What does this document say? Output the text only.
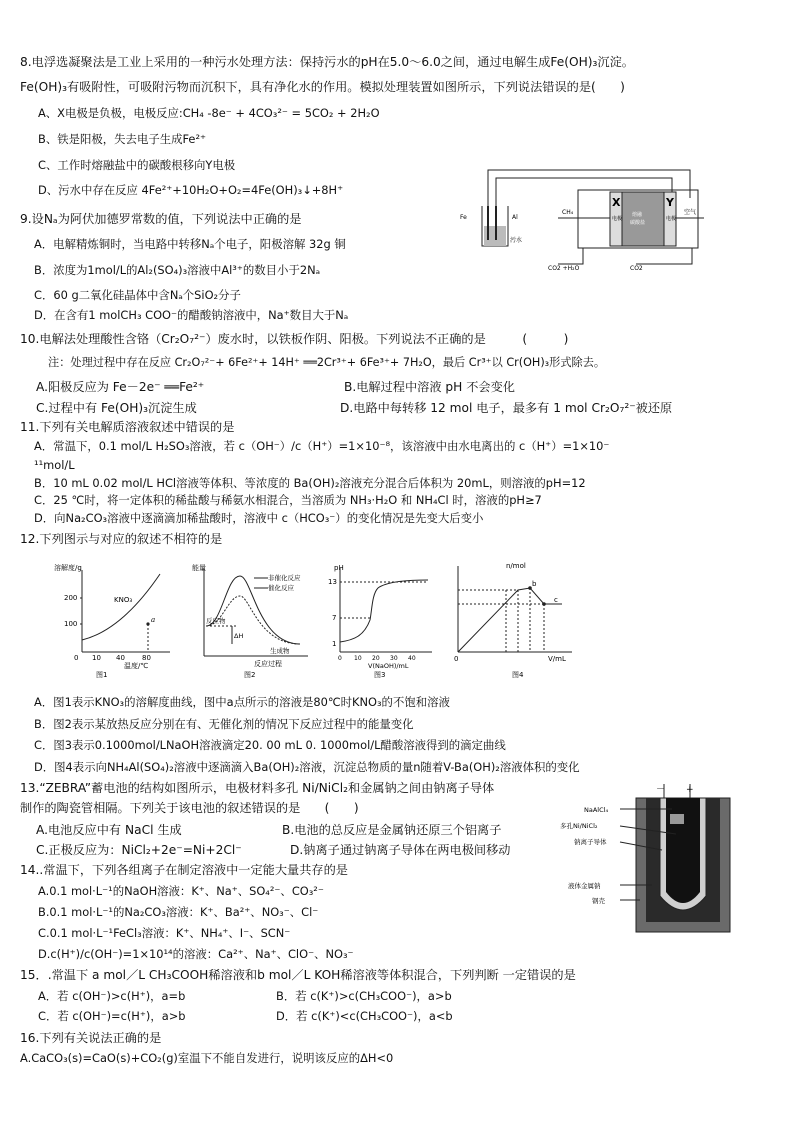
8.电浮选凝聚法是工业上采用的一种污水处理方法：保持污水的pH在5.0～6.0之间，通过电解生成Fe(OH)₃沉淀。
Fe(OH)₃有吸附性，可吸附污物而沉积下，具有净化水的作用。模拟处理装置如图所示，下列说法错误的是(　　)
A、X电极是负极，电极反应:CH₄ -8e⁻ + 4CO₃²⁻ = 5CO₂ + 2H₂O
B、铁是阳极，失去电子生成Fe²⁺
C、工作时熔融盐中的碳酸根移向Y电极
D、污水中存在反应 4Fe²⁺+10H₂O+O₂=4Fe(OH)₃↓+8H⁺
Fe	Al
污水
CH₄	空气
X	Y
电极	电极
熔融
碳酸盐
CO2 +H₂O	CO2
9.设Nₐ为阿伏加德罗常数的值，下列说法中正确的是
A．电解精炼铜时，当电路中转移Nₐ个电子，阳极溶解 32g 铜
B．浓度为1mol/L的Al₂(SO₄)₃溶液中Al³⁺的数目小于2Nₐ
C．60 g二氧化硅晶体中含Nₐ个SiO₂分子
D．在含有1 molCH₃ COO⁻的醋酸钠溶液中，Na⁺数目大于Nₐ
10.电解法处理酸性含铬（Cr₂O₇²⁻）废水时，以铁板作阴、阳极。下列说法不正确的是　　　(　　　)
注：处理过程中存在反应 Cr₂O₇²⁻+ 6Fe²⁺+ 14H⁺ ══2Cr³⁺+ 6Fe³⁺+ 7H₂O，最后 Cr³⁺以 Cr(OH)₃形式除去。
A.阳极反应为 Fe－2e⁻ ══Fe²⁺	B.电解过程中溶液 pH 不会变化
C.过程中有 Fe(OH)₃沉淀生成	D.电路中每转移 12 mol 电子，最多有 1 mol Cr₂O₇²⁻被还原
11.下列有关电解质溶液叙述中错误的是
A．常温下，0.1 mol/L H₂SO₃溶液，若 c（OH⁻）/c（H⁺）=1×10⁻⁸，该溶液中由水电离出的 c（H⁺）=1×10⁻
¹¹mol/L
B．10 mL 0.02 mol/L HCl溶液等体积、等浓度的 Ba(OH)₂溶液充分混合后体积为 20mL，则溶液的pH=12
C．25 ℃时，将一定体积的稀盐酸与稀氨水相混合，当溶质为 NH₃·H₂O 和 NH₄Cl 时，溶液的pH≥7
D．向Na₂CO₃溶液中逐滴滴加稀盐酸时，溶液中 c（HCO₃⁻）的变化情况是先变大后变小
12.下列图示与对应的叙述不相符的是
溶解度/g
KNO₃
a
200
100
0 10 40 80
温度/℃
图1
能量
非催化反应
催化反应
反应物
ΔH
生成物
反应过程
图2
pH
13
7
1
0 10 20 30 40
V(NaOH)/mL
图3
n/mol
b
c
0	V/mL
图4
A．图1表示KNO₃的溶解度曲线，图中a点所示的溶液是80℃时KNO₃的不饱和溶液
B．图2表示某放热反应分别在有、无催化剂的情况下反应过程中的能量变化
C．图3表示0.1000mol/LNaOH溶液滴定20. 00 mL 0. 1000mol/L醋酸溶液得到的滴定曲线
D．图4表示向NH₄Al(SO₄)₂溶液中逐滴滴入Ba(OH)₂溶液，沉淀总物质的量n随着V-Ba(OH)₂溶液体积的变化
13.“ZEBRA”蓄电池的结构如图所示，电极材料多孔 Ni/NiCl₂和金属钠之间由钠离子导体
制作的陶瓷管相隔。下列关于该电池的叙述错误的是　　(　　)
A.电池反应中有 NaCl 生成	B.电池的总反应是金属钠还原三个铝离子
C.正极反应为：NiCl₂+2e⁻=Ni+2Cl⁻	D.钠离子通过钠离子导体在两电极间移动
－ +
NaAlCl₄
多孔Ni/NiCl₂
钠离子导体
液体金属钠
钢壳
14..常温下，下列各组离子在制定溶液中一定能大量共存的是
A.0.1 mol·L⁻¹的NaOH溶液：K⁺、Na⁺、SO₄²⁻、CO₃²⁻
B.0.1 mol·L⁻¹的Na₂CO₃溶液：K⁺、Ba²⁺、NO₃⁻、Cl⁻
C.0.1 mol·L⁻¹FeCl₃溶液：K⁺、NH₄⁺、I⁻、SCN⁻
D.c(H⁺)/c(OH⁻)=1×10¹⁴的溶液：Ca²⁺、Na⁺、ClO⁻、NO₃⁻
15．.常温下 a mol／L CH₃COOH稀溶液和b mol／L KOH稀溶液等体积混合，下列判断 一定错误的是
A．若 c(OH⁻)>c(H⁺)，a=b	B．若 c(K⁺)>c(CH₃COO⁻)，a>b
C．若 c(OH⁻)=c(H⁺)，a>b	D．若 c(K⁺)<c(CH₃COO⁻)，a<b
16.下列有关说法正确的是
A.CaCO₃(s)=CaO(s)+CO₂(g)室温下不能自发进行，说明该反应的ΔH<0
